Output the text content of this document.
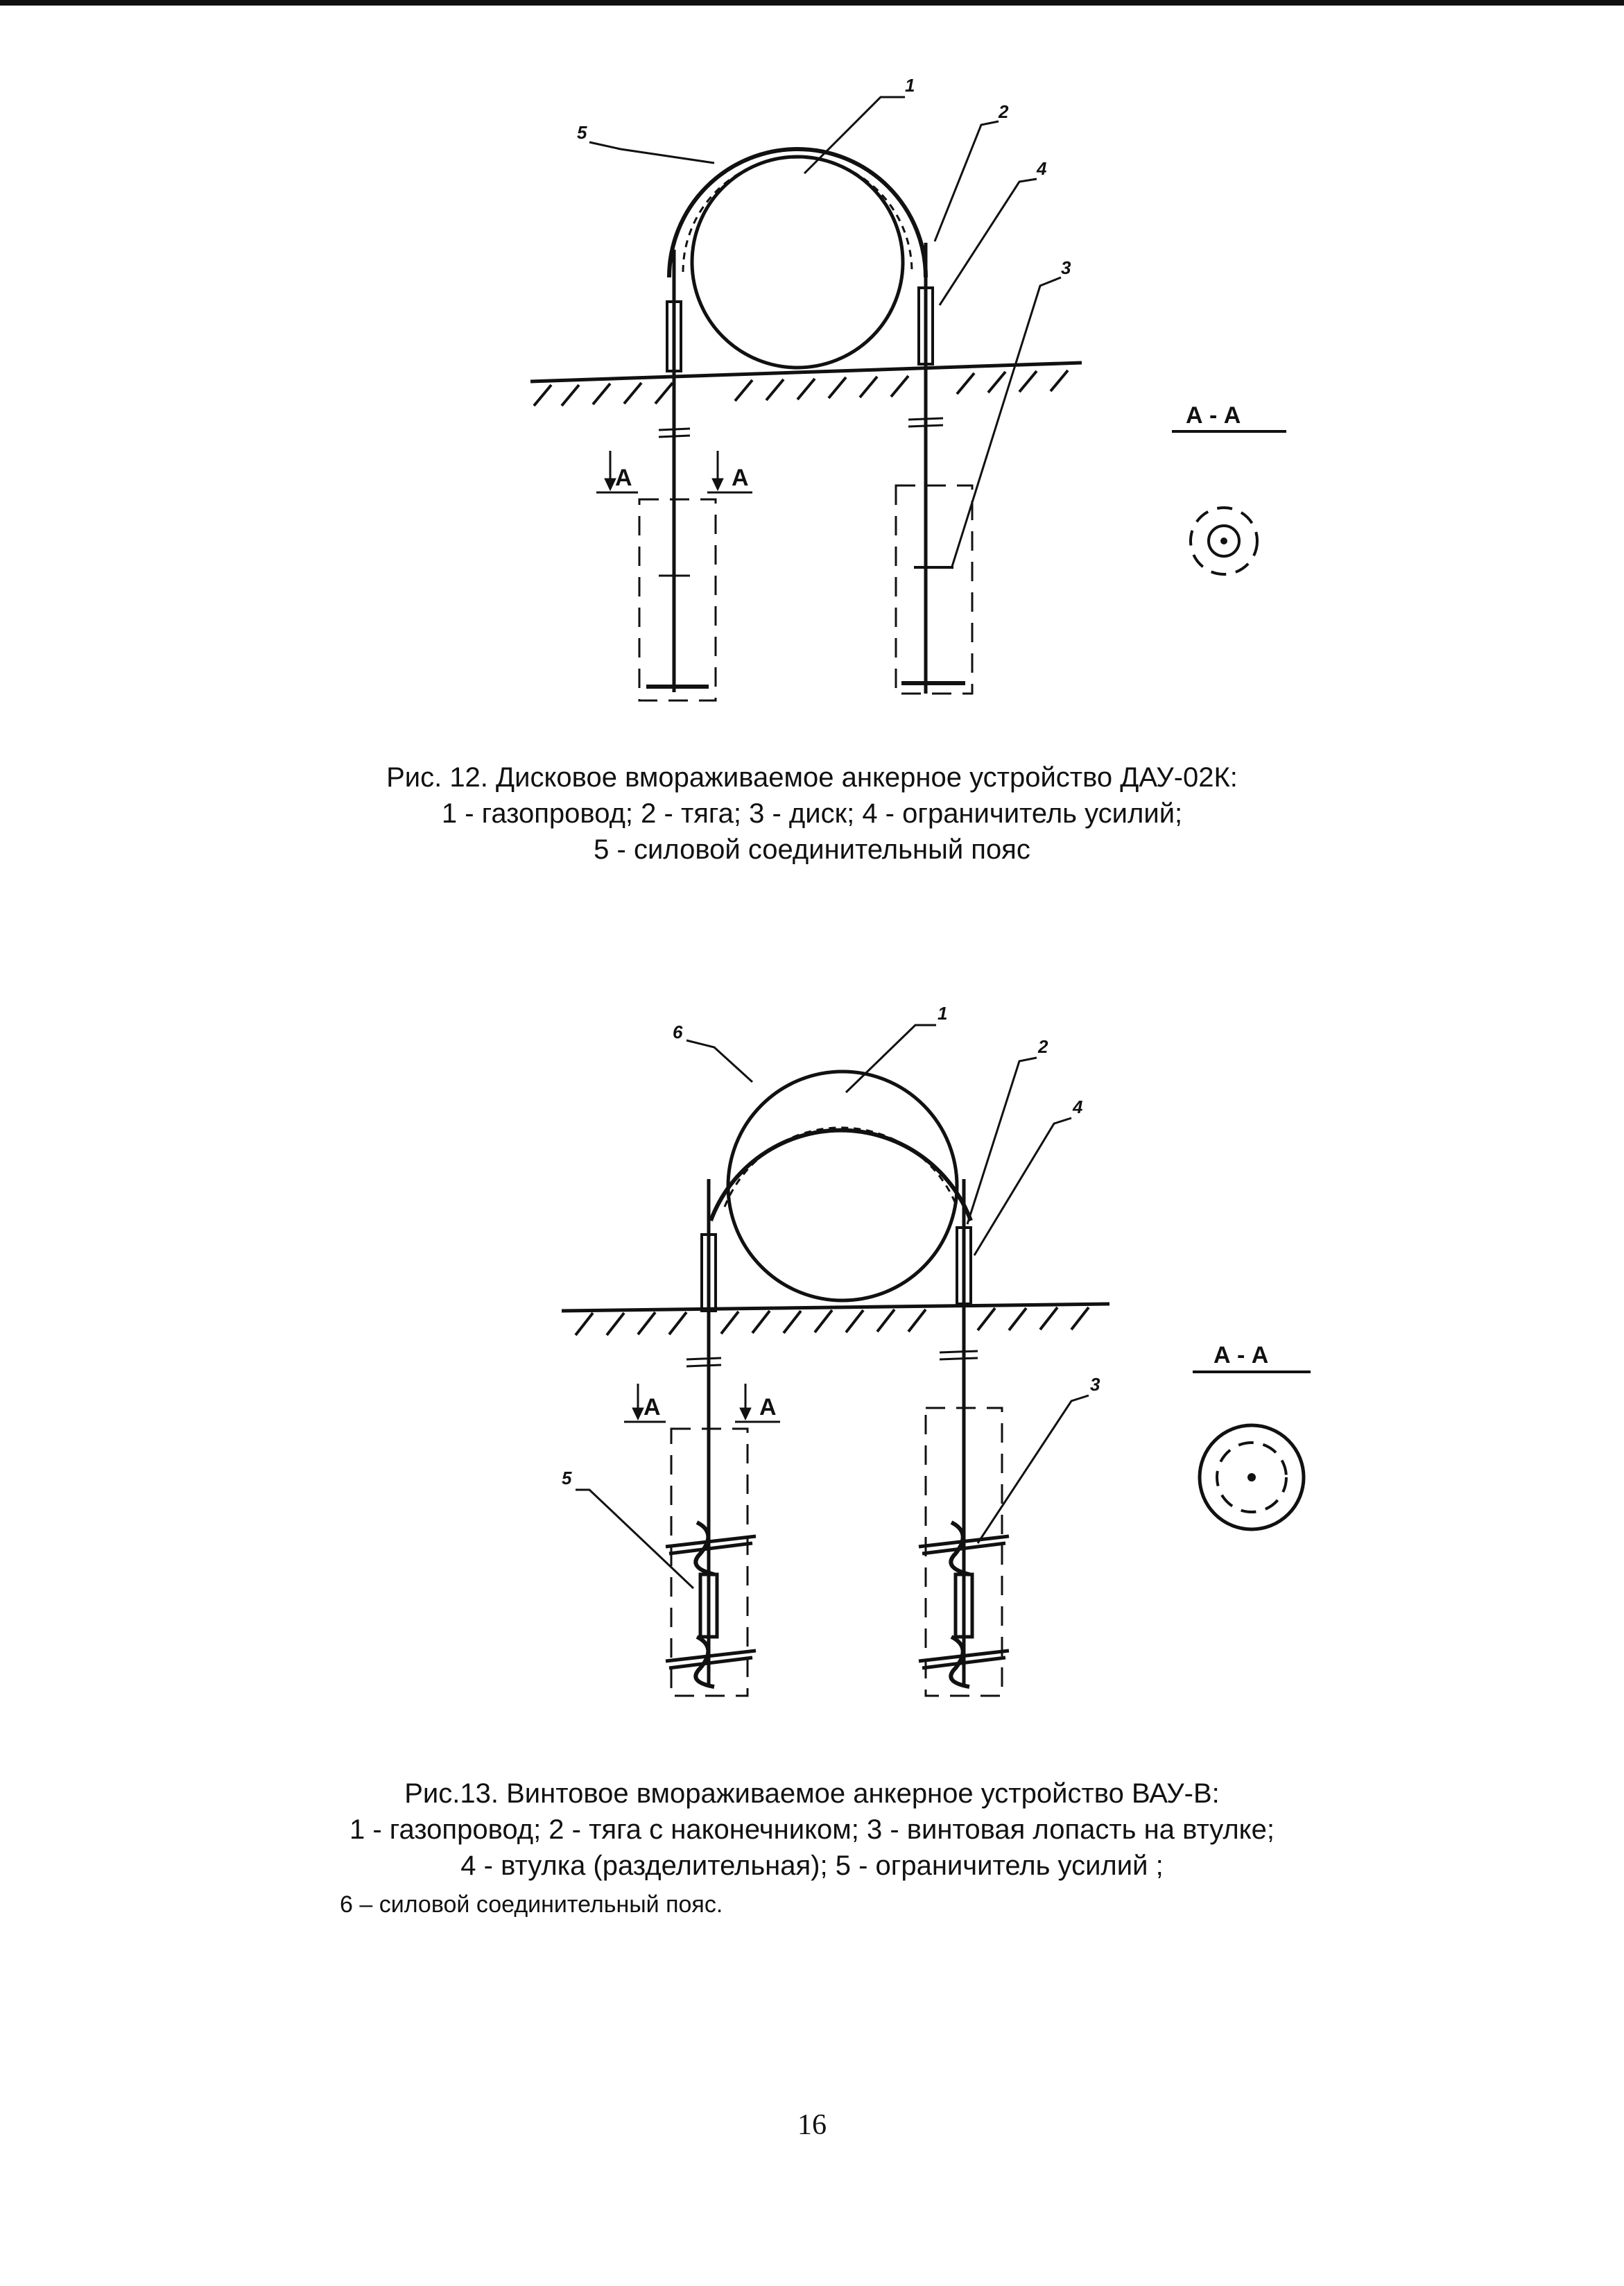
А	А
1
2
3
4
5
А - А
Рис. 12. Дисковое вмораживаемое анкерное устройство ДАУ-02К:
1 - газопровод; 2 - тяга; 3 - диск; 4 - ограничитель усилий;
5 - силовой соединительный пояс
А	А
1
2
3
4
5
6
А - А
Рис.13. Винтовое вмораживаемое анкерное устройство ВАУ-В:
1 - газопровод; 2 - тяга с наконечником; 3 - винтовая лопасть на втулке;
4 - втулка (разделительная); 5 - ограничитель усилий ;
6 – силовой соединительный пояс.
16
